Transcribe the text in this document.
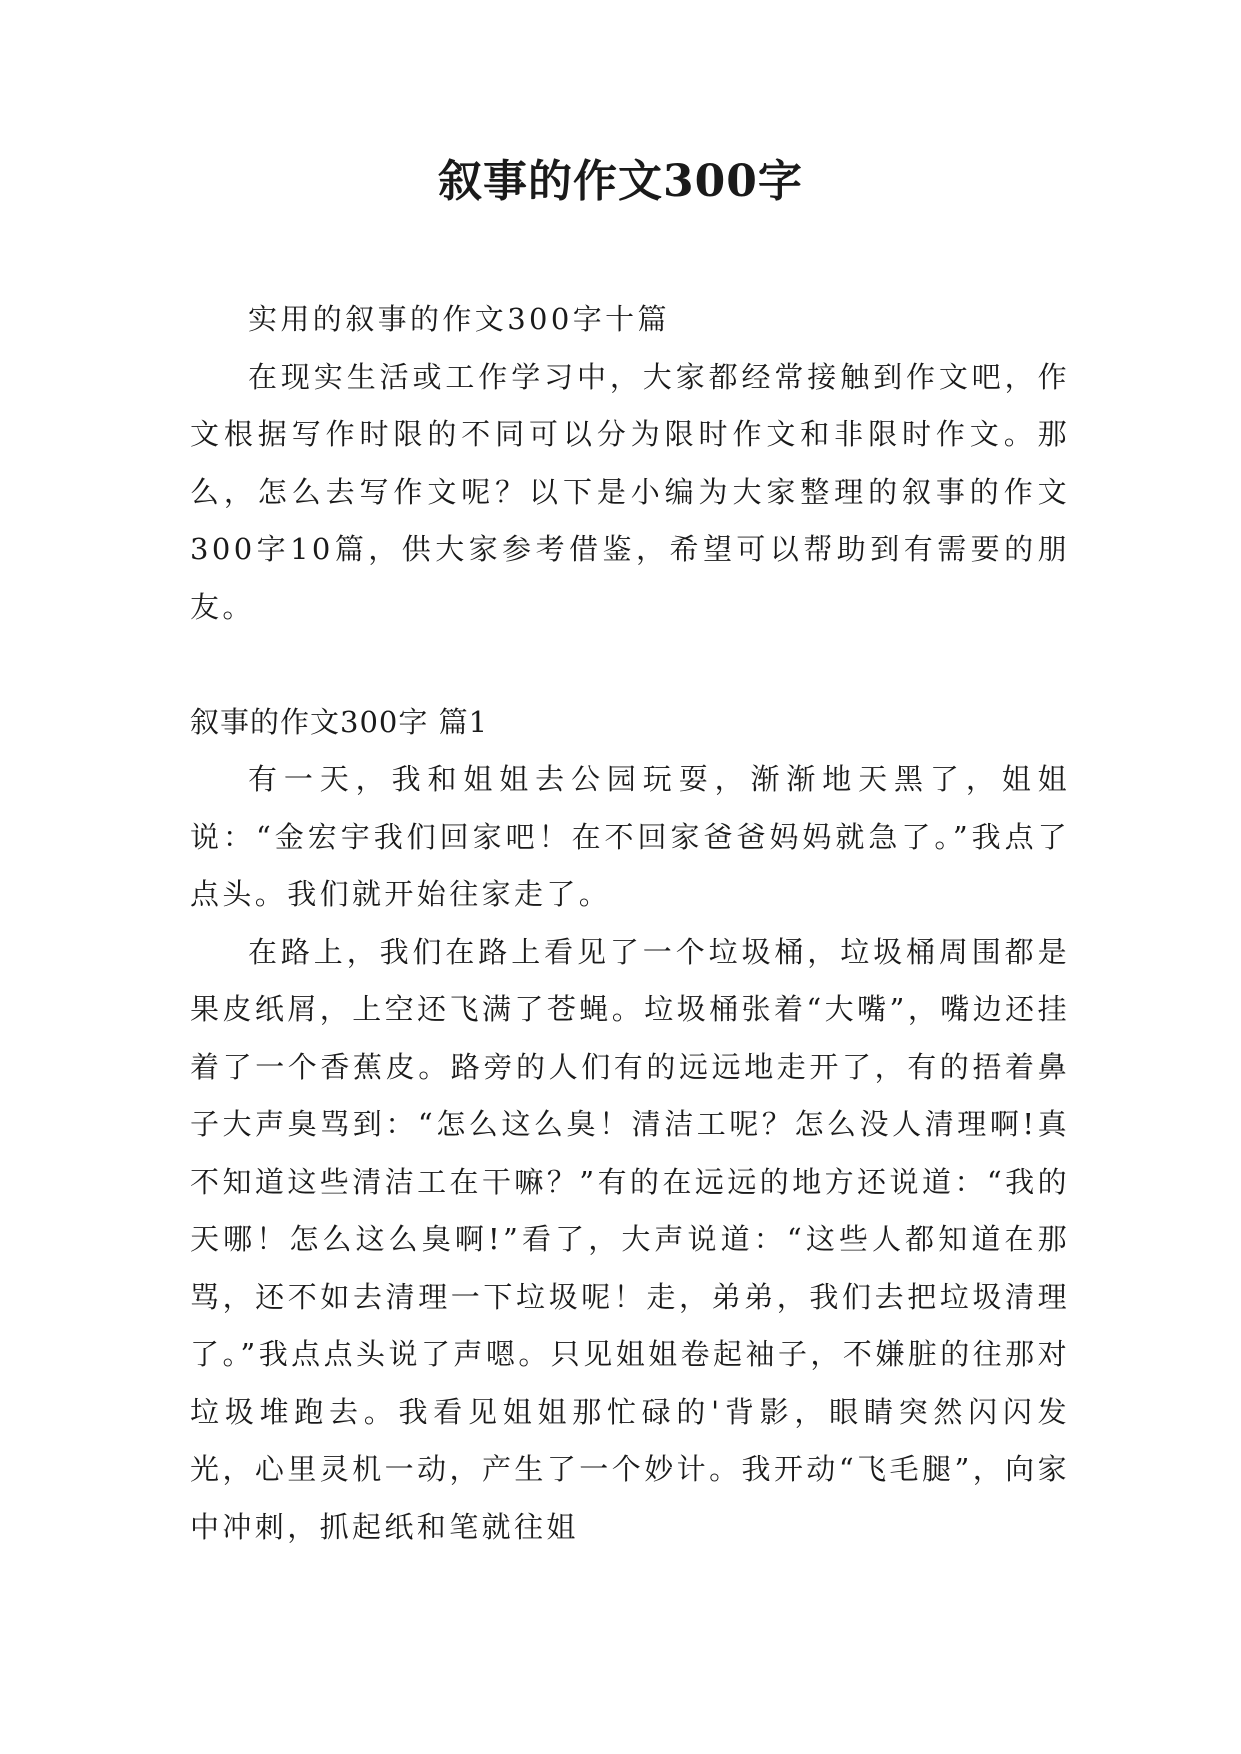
叙事的作文300字

实用的叙事的作文300字十篇

在现实生活或工作学习中，大家都经常接触到作文吧，作文根据写作时限的不同可以分为限时作文和非限时作文。那么，怎么去写作文呢？以下是小编为大家整理的叙事的作文300字10篇，供大家参考借鉴，希望可以帮助到有需要的朋友。

叙事的作文300字 篇1

有一天，我和姐姐去公园玩耍，渐渐地天黑了，姐姐说：“金宏宇我们回家吧！在不回家爸爸妈妈就急了。”我点了点头。我们就开始往家走了。

在路上，我们在路上看见了一个垃圾桶，垃圾桶周围都是果皮纸屑，上空还飞满了苍蝇。垃圾桶张着“大嘴”，嘴边还挂着了一个香蕉皮。路旁的人们有的远远地走开了，有的捂着鼻子大声臭骂到：“怎么这么臭！清洁工呢？怎么没人清理啊!真不知道这些清洁工在干嘛？”有的在远远的地方还说道：“我的天哪！怎么这么臭啊!”看了，大声说道：“这些人都知道在那骂，还不如去清理一下垃圾呢！走，弟弟，我们去把垃圾清理了。”我点点头说了声嗯。只见姐姐卷起袖子，不嫌脏的往那对垃圾堆跑去。我看见姐姐那忙碌的'背影，眼睛突然闪闪发光，心里灵机一动，产生了一个妙计。我开动“飞毛腿”，向家中冲刺，抓起纸和笔就往姐
